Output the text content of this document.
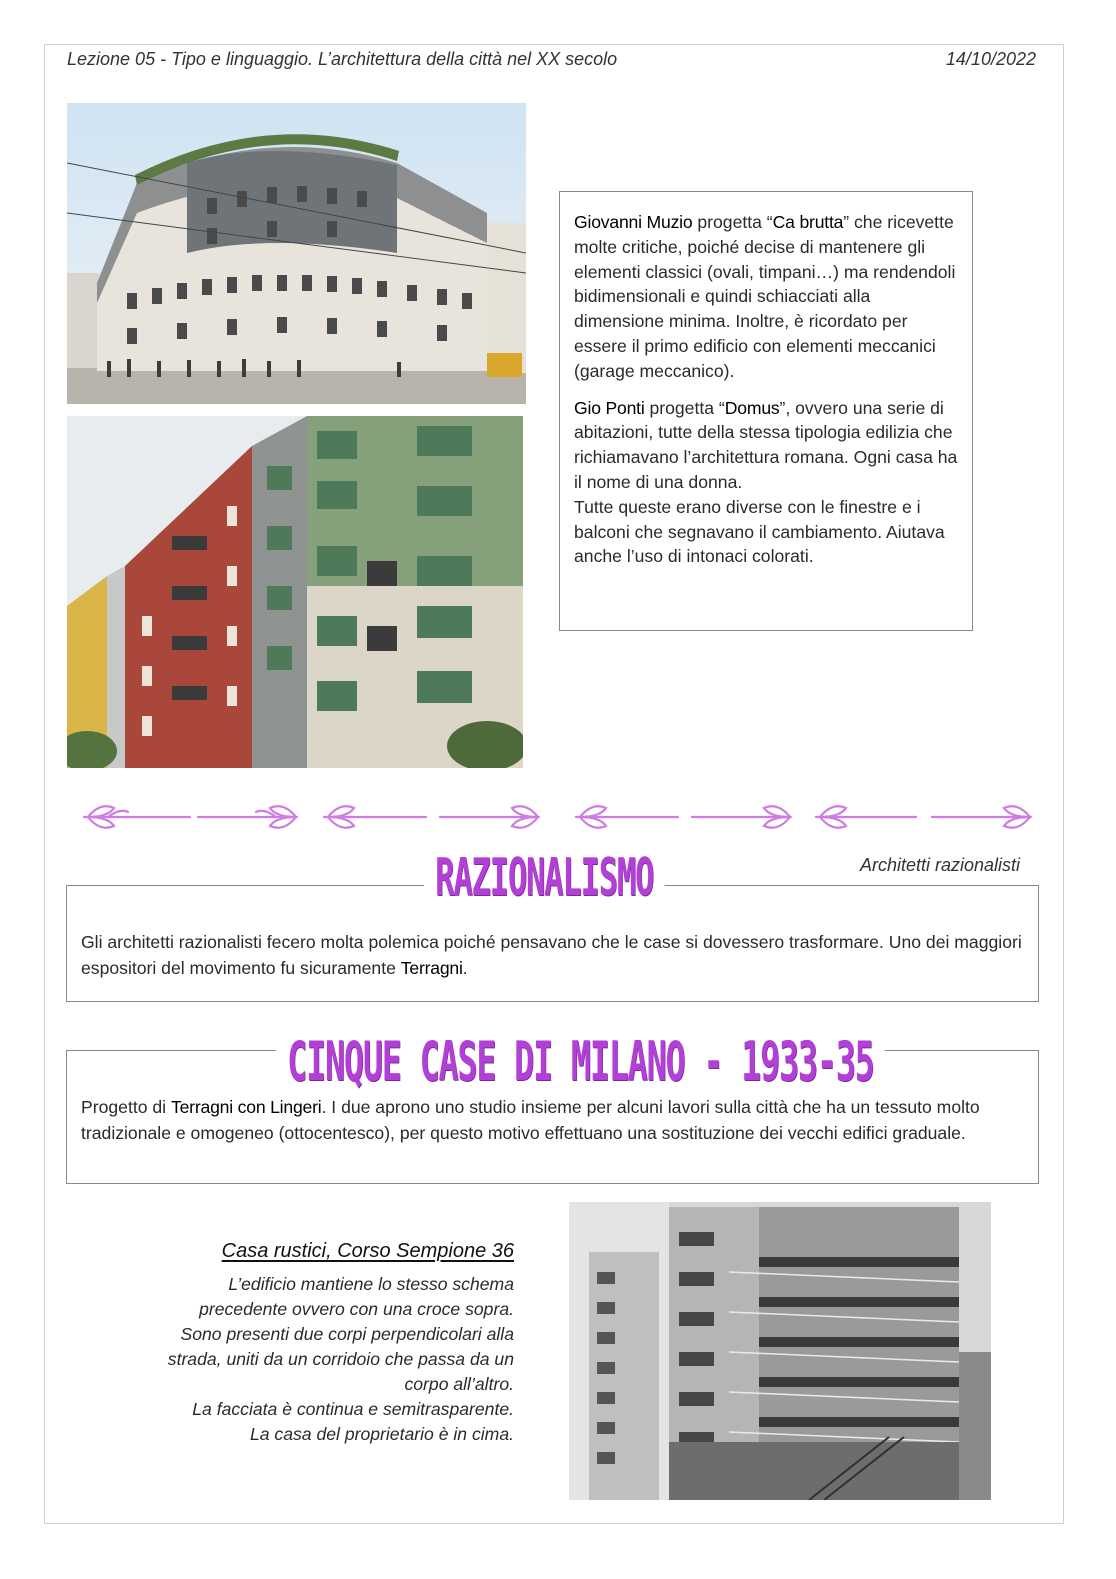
Lezione 05 - Tipo e linguaggio. L’architettura della città nel XX secolo	14/10/2022

Giovanni Muzio progetta “Ca brutta” che ricevette molte critiche, poiché decise di mantenere gli elementi classici (ovali, timpani…) ma rendendoli bidimensionali e quindi schiacciati alla dimensione minima. Inoltre, è ricordato per essere il primo edificio con elementi meccanici (garage meccanico).

Gio Ponti progetta “Domus”, ovvero una serie di abitazioni, tutte della stessa tipologia edilizia che richiamavano l’architettura romana. Ogni casa ha il nome di una donna.

Tutte queste erano diverse con le finestre e i balconi che segnavano il cambiamento. Aiutava anche l’uso di intonaci colorati.

Gli architetti razionalisti fecero molta polemica poiché pensavano che le case si dovessero trasformare. Uno dei maggiori espositori del movimento fu sicuramente Terragni.

RAZIONALISMO	Architetti razionalisti

Progetto di Terragni con Lingeri. I due aprono uno studio insieme per alcuni lavori sulla città che ha un tessuto molto tradizionale e omogeneo (ottocentesco), per questo motivo effettuano una sostituzione dei vecchi edifici graduale.

CINQUE CASE DI MILANO - 1933-35
Casa rustici, Corso Sempione 36

L’edificio mantiene lo stesso schema
precedente ovvero con una croce sopra.
Sono presenti due corpi perpendicolari alla
strada, uniti da un corridoio che passa da un
corpo all’altro.
La facciata è continua e semitrasparente.
La casa del proprietario è in cima.
